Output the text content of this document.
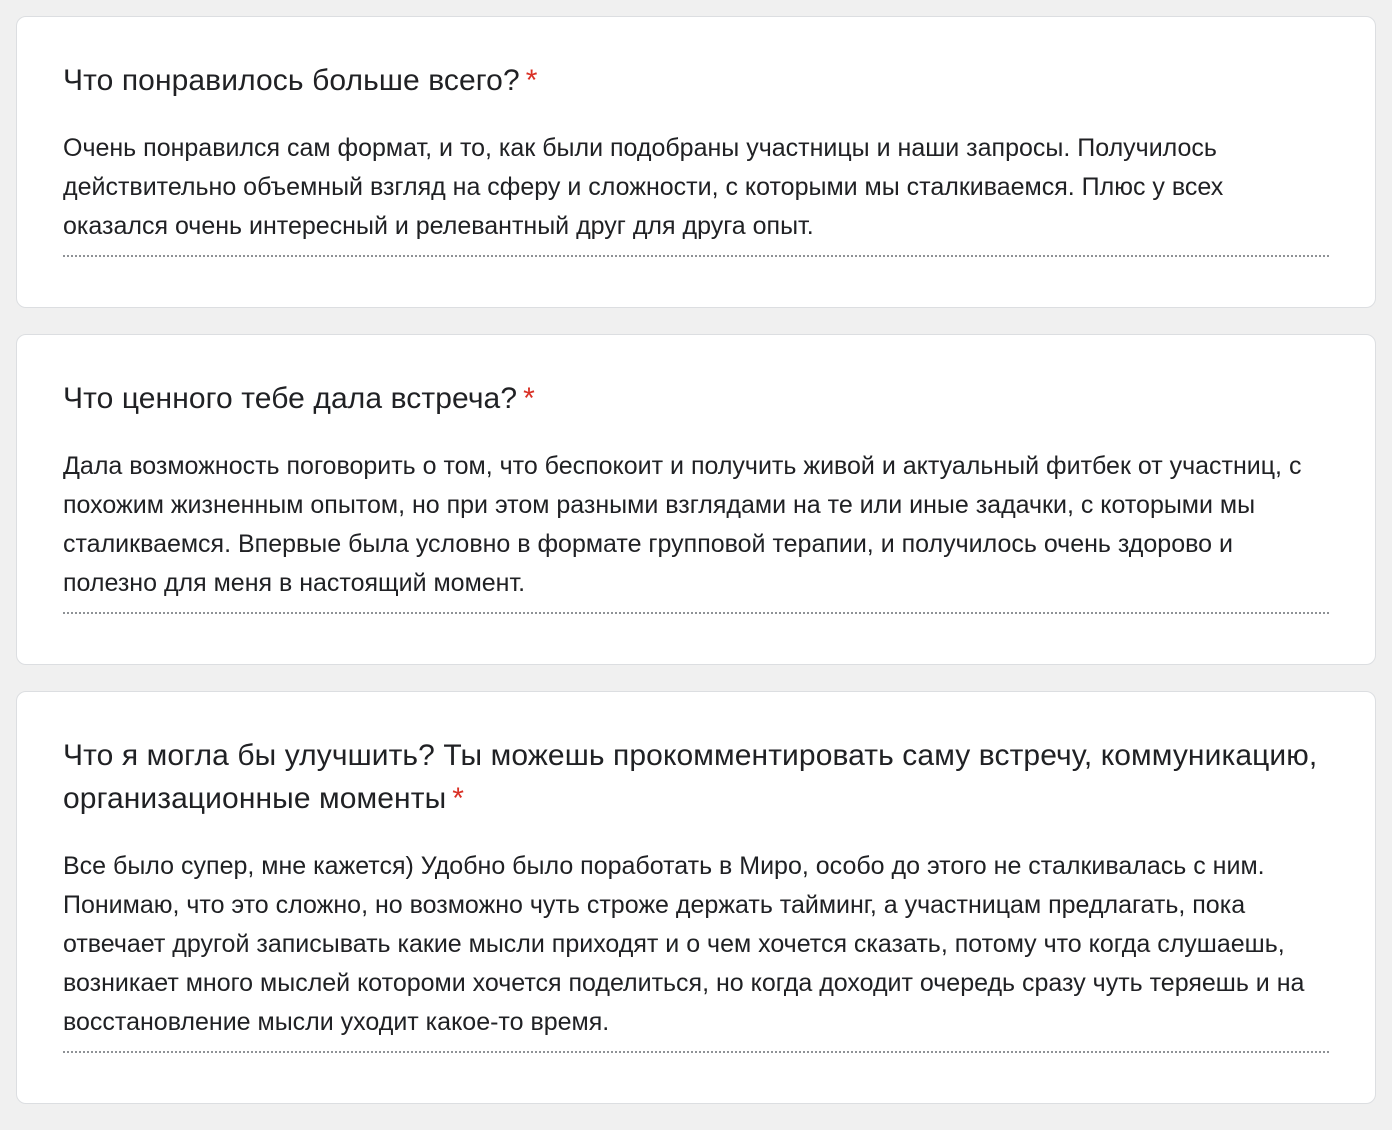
Что понравилось больше всего? *
Очень понравился сам формат, и то, как были подобраны участницы и наши запросы. Получилось действительно объемный взгляд на сферу и сложности, с которыми мы сталкиваемся. Плюс у всех оказался очень интересный и релевантный друг для друга опыт.
Что ценного тебе дала встреча? *
Дала возможность поговорить о том, что беспокоит и получить живой и актуальный фитбек от участниц, с похожим жизненным опытом, но при этом разными взглядами на те или иные задачки, с которыми мы сталикваемся. Впервые была условно в формате групповой терапии, и получилось очень здорово и полезно для меня в настоящий момент.
Что я могла бы улучшить? Ты можешь прокомментировать саму встречу, коммуникацию, организационные моменты *
Все было супер, мне кажется) Удобно было поработать в Миро, особо до этого не сталкивалась с ним. Понимаю, что это сложно, но возможно чуть строже держать тайминг, а участницам предлагать, пока отвечает другой записывать какие мысли приходят и о чем хочется сказать, потому что когда слушаешь, возникает много мыслей котороми хочется поделиться, но когда доходит очередь сразу чуть теряешь и на восстановление мысли уходит какое-то время.
